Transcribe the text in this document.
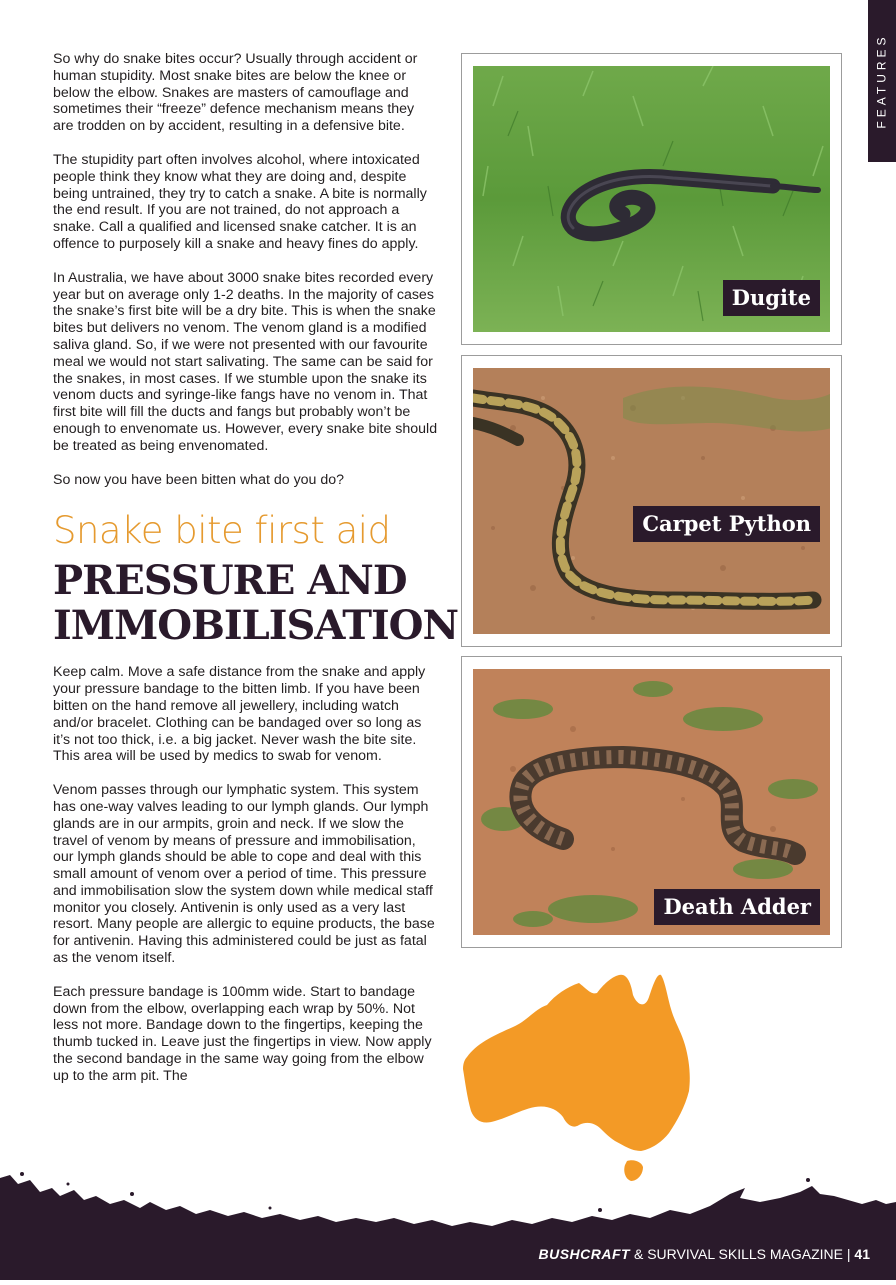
FEATURES

So why do snake bites occur? Usually through accident or human stupidity. Most snake bites are below the knee or below the elbow. Snakes are masters of camouflage and sometimes their “freeze” defence mechanism means they are trodden on by accident, resulting in a defensive bite.

The stupidity part often involves alcohol, where intoxicated people think they know what they are doing and, despite being untrained, they try to catch a snake. A bite is normally the end result. If you are not trained, do not approach a snake. Call a qualified and licensed snake catcher. It is an offence to purposely kill a snake and heavy fines do apply.

In Australia, we have about 3000 snake bites recorded every year but on average only 1-2 deaths. In the majority of cases the snake’s first bite will be a dry bite. This is when the snake bites but delivers no venom. The venom gland is a modified saliva gland. So, if we were not presented with our favourite meal we would not start salivating. The same can be said for the snakes, in most cases. If we stumble upon the snake its venom ducts and syringe-like fangs have no venom in. That first bite will fill the ducts and fangs but probably won’t be enough to envenomate us. However, every snake bite should be treated as being envenomated.

So now you have been bitten what do you do?

Snake bite first aid
PRESSURE AND IMMOBILISATION

Keep calm. Move a safe distance from the snake and apply your pressure bandage to the bitten limb. If you have been bitten on the hand remove all jewellery, including watch and/or bracelet. Clothing can be bandaged over so long as it’s not too thick, i.e. a big jacket. Never wash the bite site. This area will be used by medics to swab for venom.

Venom passes through our lymphatic system. This system has one-way valves leading to our lymph glands. Our lymph glands are in our armpits, groin and neck. If we slow the travel of venom by means of pressure and immobilisation, our lymph glands should be able to cope and deal with this small amount of venom over a period of time. This pressure and immobilisation slow the system down while medical staff monitor you closely. Antivenin is only used as a very last resort. Many people are allergic to equine products, the base for antivenin. Having this administered could be just as fatal as the venom itself.

Each pressure bandage is 100mm wide. Start to bandage down from the elbow, overlapping each wrap by 50%. Not less not more. Bandage down to the fingertips, keeping the thumb tucked in. Leave just the fingertips in view. Now apply the second bandage in the same way going from the elbow up to the arm pit. The

Dugite
Carpet Python
Death Adder
BUSHCRAFT & SURVIVAL SKILLS MAGAZINE | 41
